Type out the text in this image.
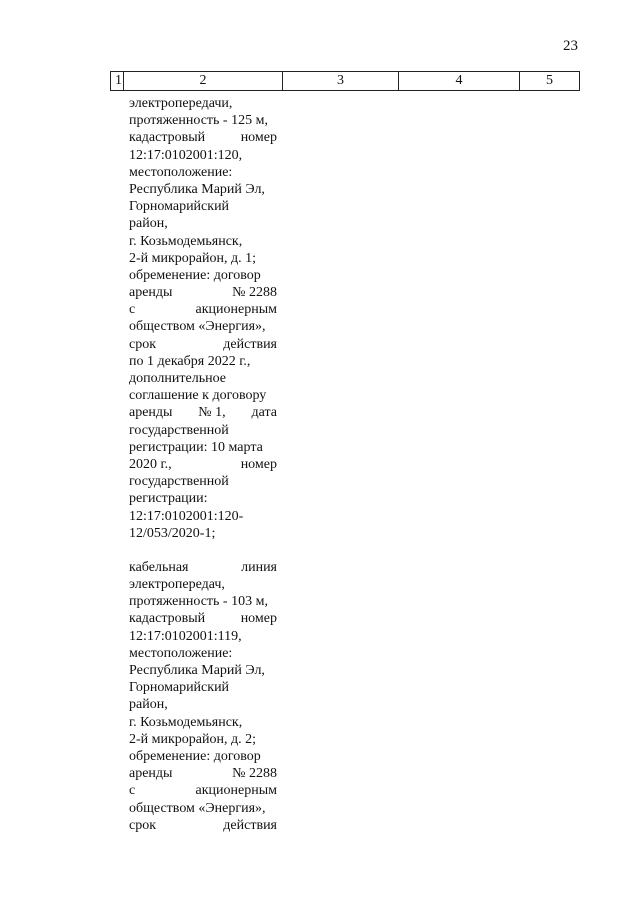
23
1	2	3	4	5
электропередачи,
протяженность - 125 м,
кадастровый	номер
12:17:0102001:120,
местоположение:
Республика Марий Эл,
Горномарийский
район,
г. Козьмодемьянск,
2-й микрорайон, д. 1;
обременение: договор
аренды	№ 2288
с	акционерным
обществом «Энергия»,
срок	действия
по 1 декабря 2022 г.,
дополнительное
соглашение к договору
аренды № 1, дата
государственной
регистрации: 10 марта
2020 г.,	номер
государственной
регистрации:
12:17:0102001:120-
12/053/2020-1;
кабельная	линия
электропередач,
протяженность - 103 м,
кадастровый	номер
12:17:0102001:119,
местоположение:
Республика Марий Эл,
Горномарийский
район,
г. Козьмодемьянск,
2-й микрорайон, д. 2;
обременение: договор
аренды	№ 2288
с	акционерным
обществом «Энергия»,
срок	действия
